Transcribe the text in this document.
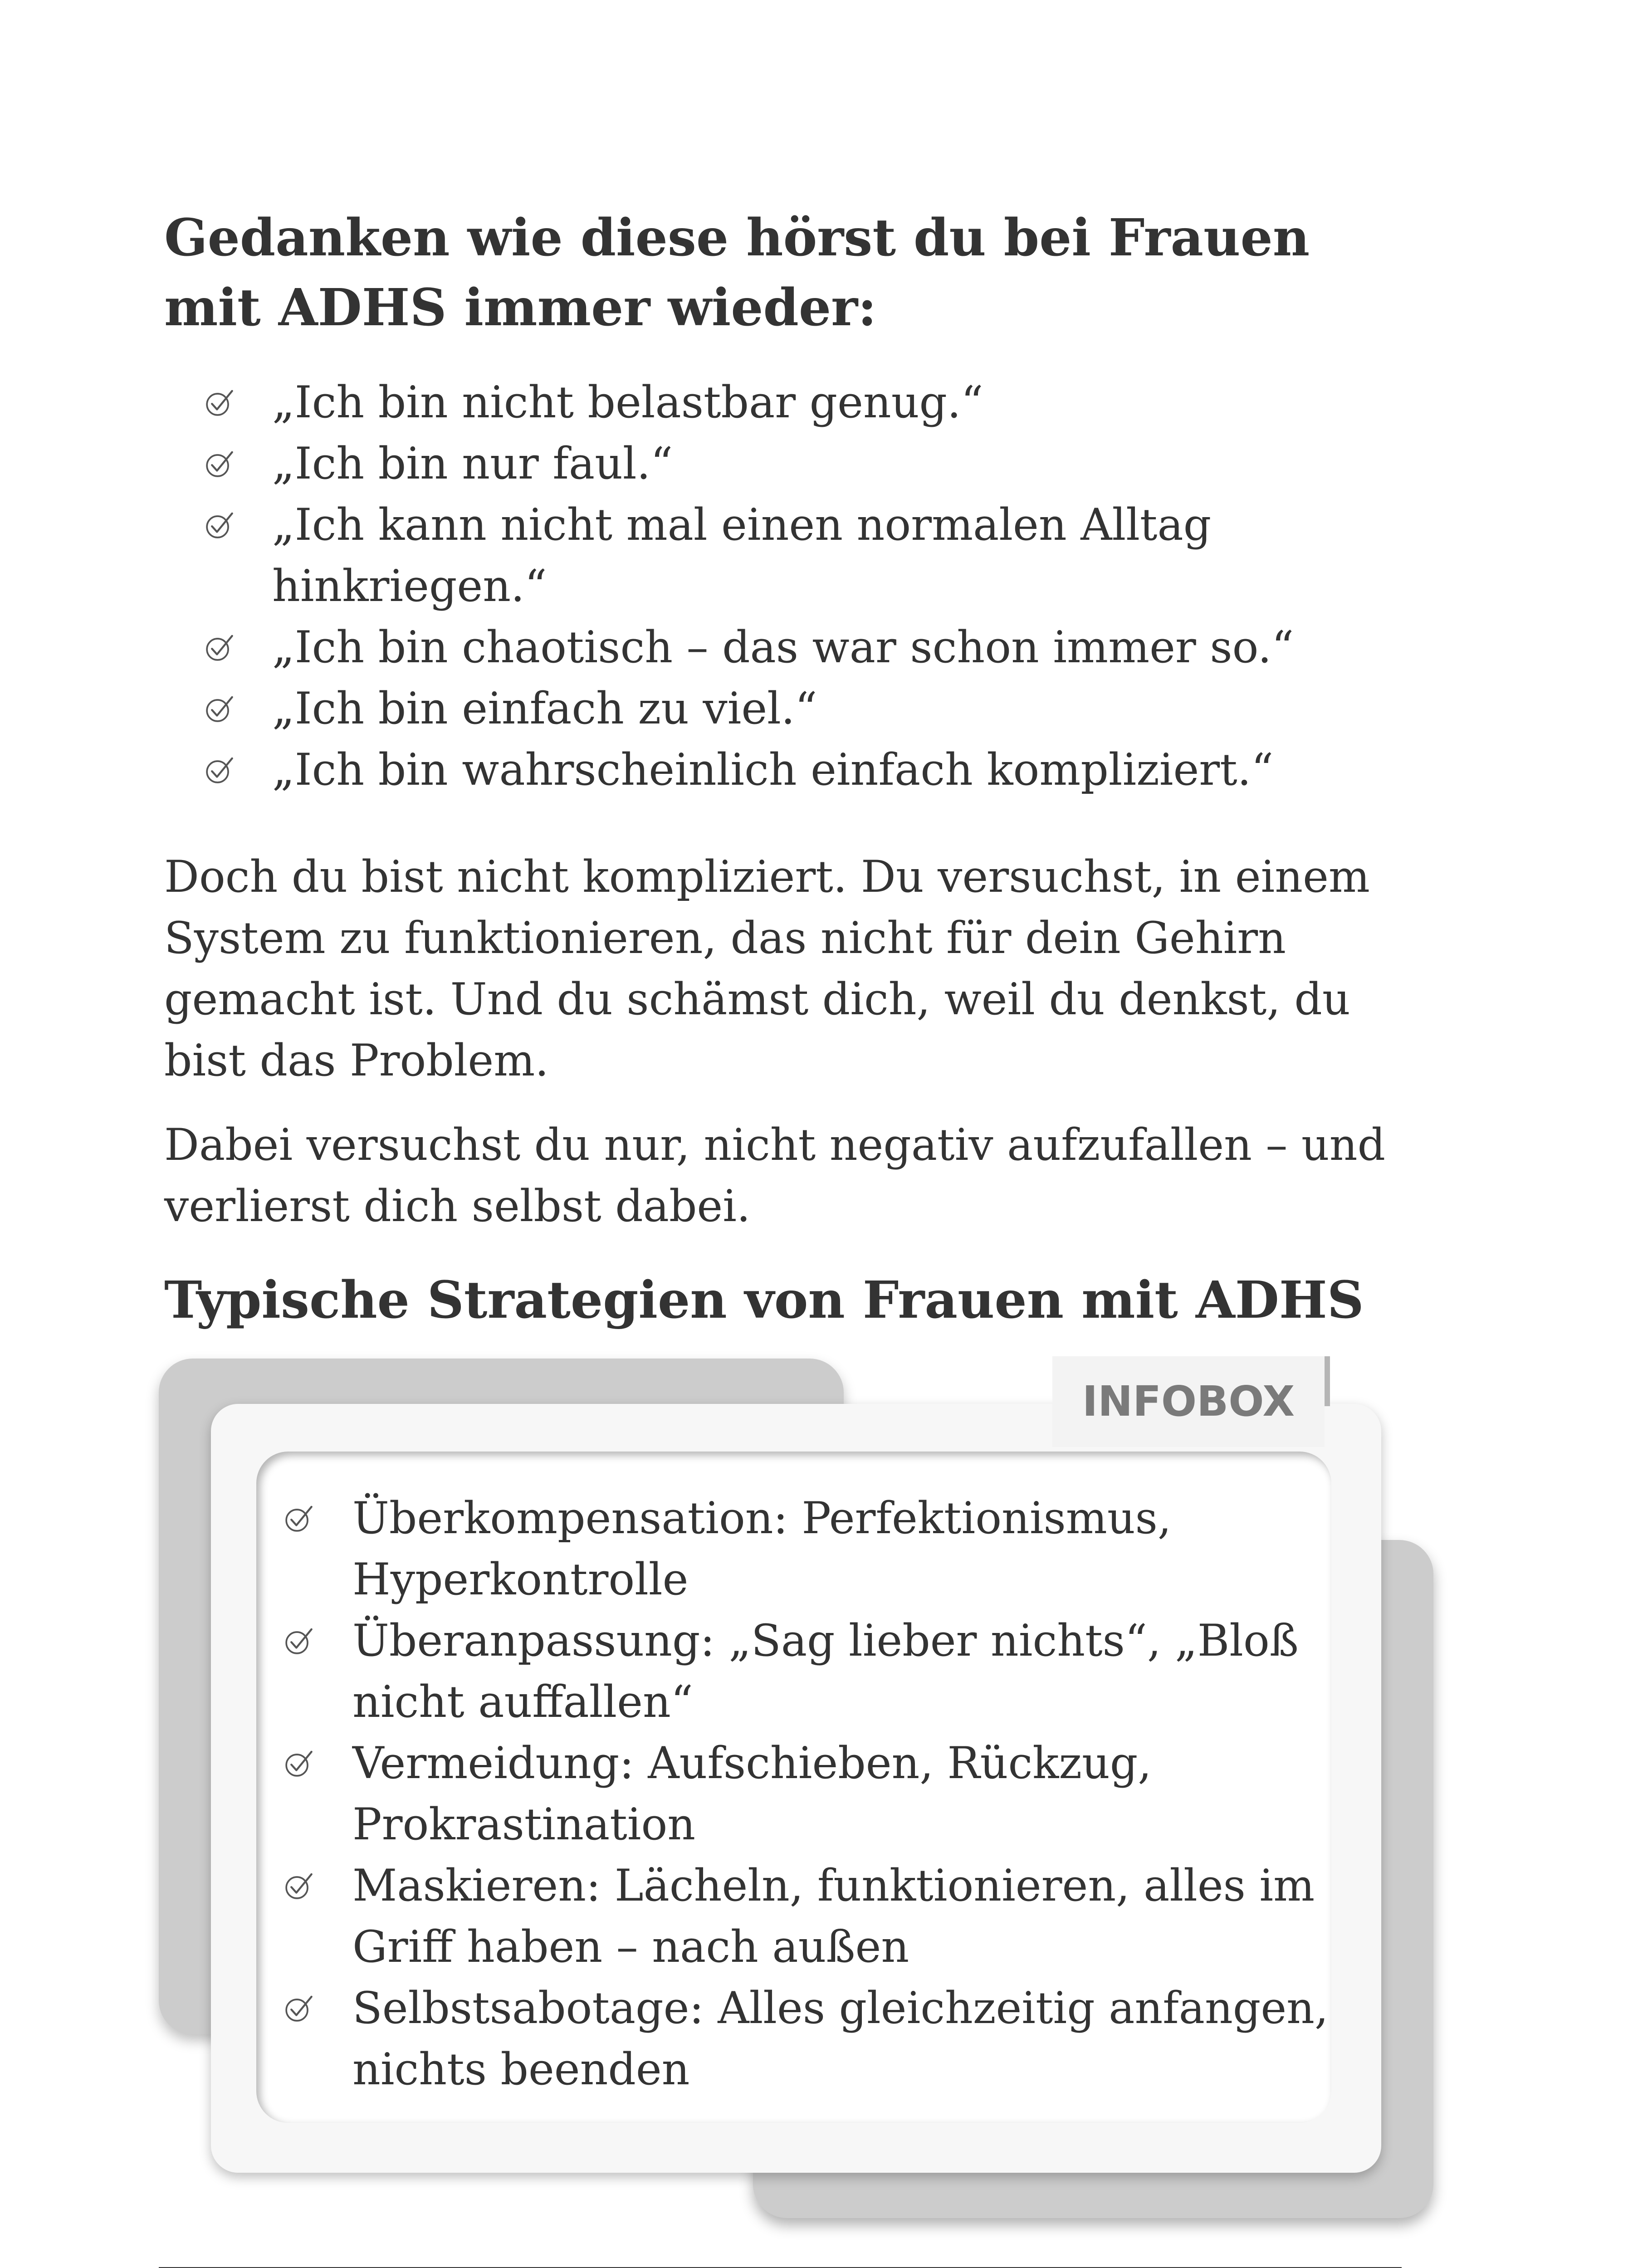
Gedanken wie diese hörst du bei Frauen mit ADHS immer wieder:
„Ich bin nicht belastbar genug.“
„Ich bin nur faul.“
„Ich kann nicht mal einen normalen Alltag hinkriegen.“
„Ich bin chaotisch – das war schon immer so.“
„Ich bin einfach zu viel.“
„Ich bin wahrscheinlich einfach kompliziert.“

Doch du bist nicht kompliziert. Du versuchst, in einem System zu funktionieren, das nicht für dein Gehirn gemacht ist. Und du schämst dich, weil du denkst, du bist das Problem.

Dabei versuchst du nur, nicht negativ aufzufallen – und verlierst dich selbst dabei.

Typische Strategien von Frauen mit ADHS
INFOBOX
Überkompensation: Perfektionismus, Hyperkontrolle
Überanpassung: „Sag lieber nichts“, „Bloß nicht auffallen“
Vermeidung: Aufschieben, Rückzug, Prokrastination
Maskieren: Lächeln, funktionieren, alles im Griff haben – nach außen
Selbstsabotage: Alles gleichzeitig anfangen, nichts beenden
